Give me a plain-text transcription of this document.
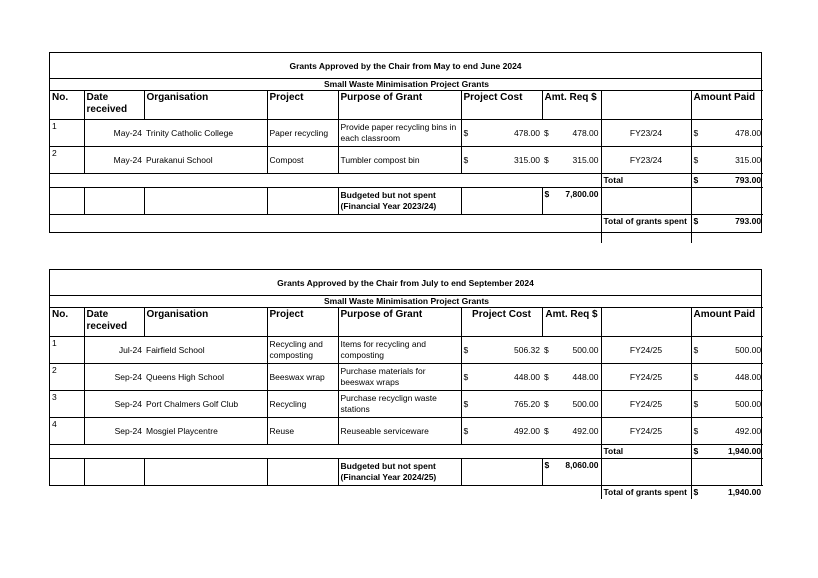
Grants Approved by the Chair from May to end June 2024
Small Waste Minimisation Project Grants								
No.	Date received	Organisation	Project	Purpose of Grant	Project Cost	Amt. Req $		Amount Paid
1	May-24	Trinity Catholic College	Paper recycling	Provide paper recycling bins in each classroom	$ 478.00	$ 478.00	FY23/24	$ 478.00

2	May-24	Purakanui School	Compost	Tumbler compost bin	$ 315.00	$ 315.00	FY23/24	$ 315.00

							Total	$ 793.00

				Budgeted but not spent (Financial Year 2023/24)		$ 7,800.00		

							Total of grants spent	$ 793.00
Grants Approved by the Chair from July to end September 2024
Small Waste Minimisation Project Grants								
No.	Date received	Organisation	Project	Purpose of Grant	Project Cost	Amt. Req $		Amount Paid
1	Jul-24	Fairfield School	Recycling and composting	Items for recycling and composting	$ 506.32	$ 500.00	FY24/25	$ 500.00

2	Sep-24	Queens High School	Beeswax wrap	Purchase materials for beeswax wraps	$ 448.00	$ 448.00	FY24/25	$ 448.00

3	Sep-24	Port Chalmers Golf Club	Recycling	Purchase recyclign waste stations	$ 765.20	$ 500.00	FY24/25	$ 500.00

4	Sep-24	Mosgiel Playcentre	Reuse	Reuseable serviceware	$ 492.00	$ 492.00	FY24/25	$ 492.00

							Total	$ 1,940.00

				Budgeted but not spent (Financial Year 2024/25)		$ 8,060.00		

							Total of grants spent	$ 1,940.00
